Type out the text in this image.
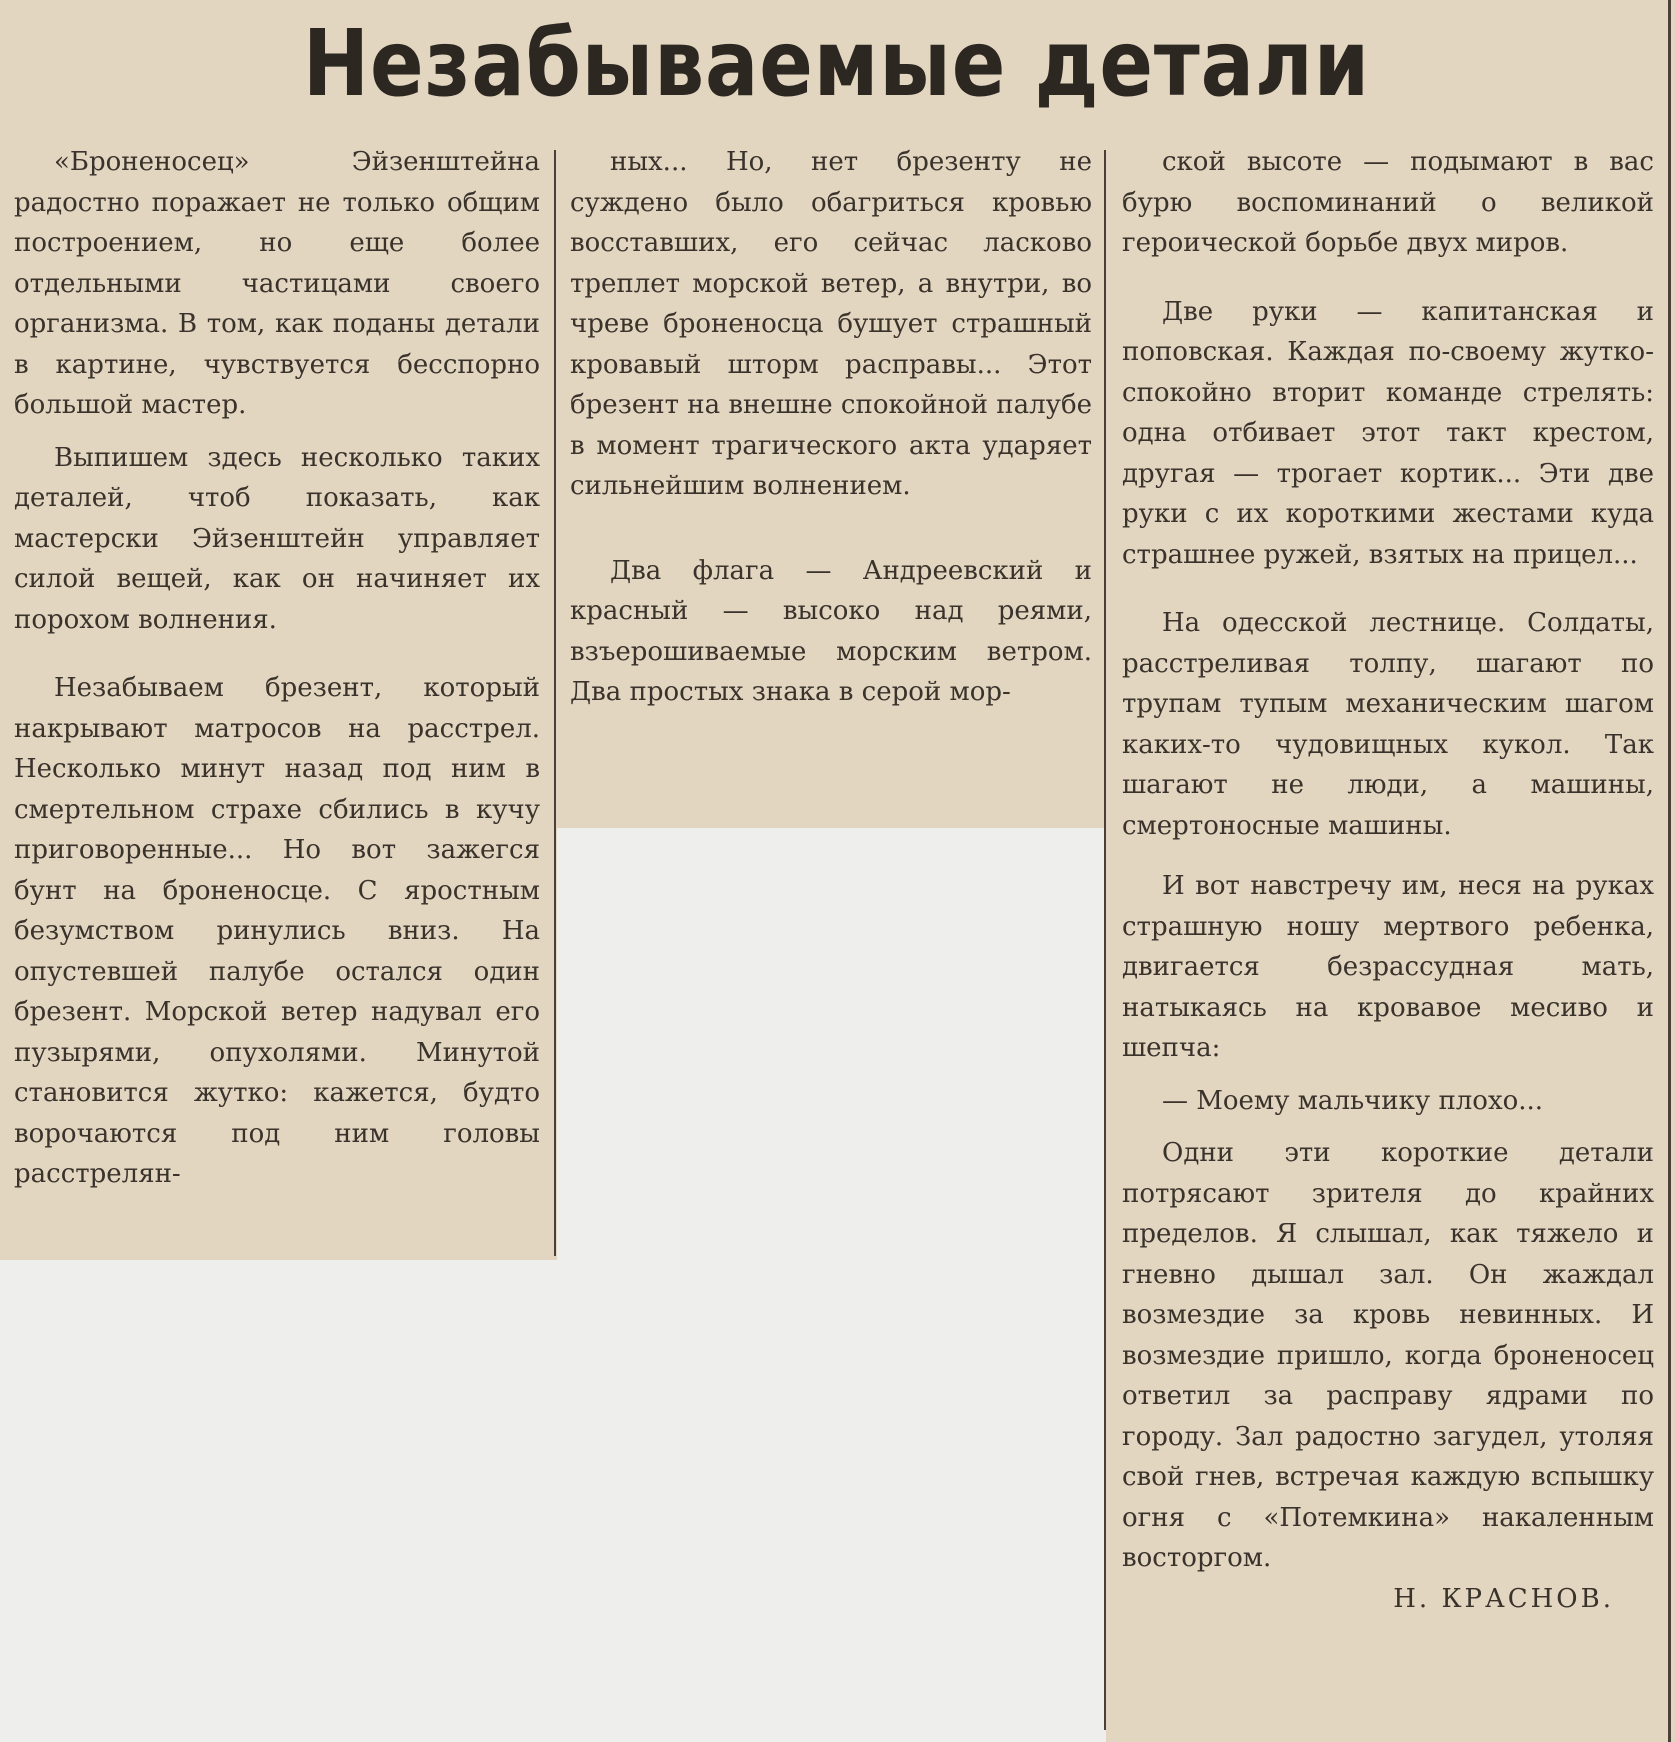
Незабываемые детали

«Броненосец» Эйзенштейна радостно поражает не только общим построением, но еще более отдельными частицами своего организма. В том, как поданы детали в картине, чувствуется бесспорно большой мастер.

Выпишем здесь несколько таких деталей, чтоб показать, как мастерски Эйзенштейн управляет силой вещей, как он начиняет их порохом волнения.

Незабываем брезент, который накрывают матросов на расстрел. Несколько минут назад под ним в смертельном страхе сбились в кучу приговоренные... Но вот зажегся бунт на броненосце. С яростным безумством ринулись вниз. На опустевшей палубе остался один брезент. Морской ветер надувал его пузырями, опухолями. Минутой становится жутко: кажется, будто ворочаются под ним головы расстрелян-

ных... Но, нет брезенту не суждено было обагриться кровью восставших, его сейчас ласково треплет морской ветер, а внутри, во чреве броненосца бушует страшный кровавый шторм расправы... Этот брезент на внешне спокойной палубе в момент трагического акта ударяет сильнейшим волнением.

Два флага — Андреевский и красный — высоко над реями, взъерошиваемые морским ветром. Два простых знака в серой мор-

ской высоте — подымают в вас бурю воспоминаний о великой героической борьбе двух миров.

Две руки — капитанская и поповская. Каждая по-своему жутко-спокойно вторит команде стрелять: одна отбивает этот такт крестом, другая — трогает кортик... Эти две руки с их короткими жестами куда страшнее ружей, взятых на прицел...

На одесской лестнице. Солдаты, расстреливая толпу, шагают по трупам тупым механическим шагом каких-то чудовищных кукол. Так шагают не люди, а машины, смертоносные машины.

И вот навстречу им, неся на руках страшную ношу мертвого ребенка, двигается безрассудная мать, натыкаясь на кровавое месиво и шепча:

— Моему мальчику плохо...

Одни эти короткие детали потрясают зрителя до крайних пределов. Я слышал, как тяжело и гневно дышал зал. Он жаждал возмездие за кровь невинных. И возмездие пришло, когда броненосец ответил за расправу ядрами по городу. Зал радостно загудел, утоляя свой гнев, встречая каждую вспышку огня с «Потемкина» накаленным восторгом.

Н. КРАСНОВ.
